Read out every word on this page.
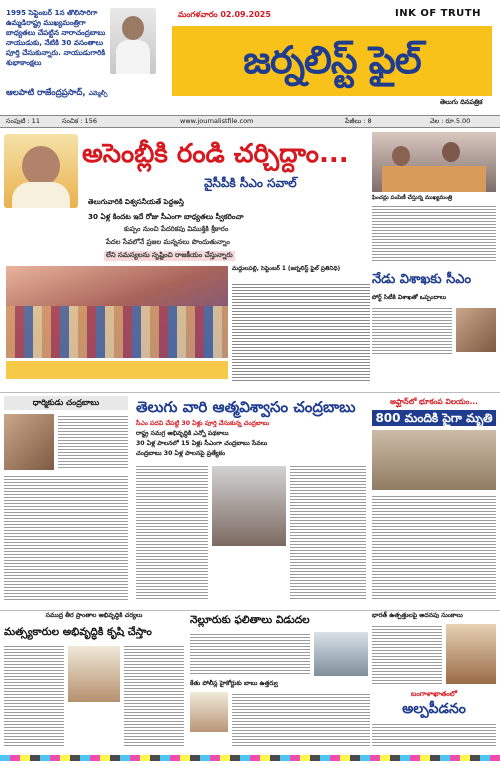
1995 సెప్టెంబర్ 1న తొలిసారిగా ఉమ్మడిరాష్ట్ర ముఖ్యమంత్రిగా బాధ్యతలు చేపట్టిన నారాచంద్రబాబు నాయుడుకు, నేటికి 30 వసంతాలు పూర్తి చేసుకున్నారు. నాయుడుగారికి శుభాకాంక్షలు
ఆలపాటి రాజేంద్రప్రసాద్, ఎమ్మెల్సీ
మంగళవారం 02.09.2025	INK OF TRUTH
జర్నలిస్ట్ ఫైల్
తెలుగు దినపత్రిక
సంపుటి : 11	సంచిక : 156	www.journalistfile.com	పేజీలు : 8	వెల : రూ.5.00
అసెంబ్లీకి రండి చర్చిద్దాం...
వైసీపీకి సీఎం సవాల్
తెలుగువారికి విశ్వసనీయతే పెద్దఅస్తి
30 ఏళ్ల కిందట ఇదే రోజు సీఎంగా బాధ్యతలు స్వీకరించా
కుప్పం నుంచి పేదరికపు విముక్తికి శ్రీకారం
పేదల సేవలోనే ప్రజల మన్ననలు పొందుతున్నాం
లేని సమస్యలను సృష్టించి రాజకీయం చేస్తున్నారు
మద్దులపల్లి, సెప్టెంబర్ 1 (జర్నలిస్ట్ ఫైల్ ప్రతినిధి)
ఫించన్లు పంపిణీ చేస్తున్న ముఖ్యమంత్రి
నేడు విశాఖకు సీఎం
పోర్ట్ సిటీకి విశాఖతో ఒప్పందాలు
ధార్మికుడు చంద్రబాబు	తెలుగు వారి ఆత్మవిశ్వాసం చంద్రబాబు
సీఎం పదవి చేపట్టి 30 ఏళ్లు పూర్తి చేసుకున్న చంద్రబాబు
రాష్ట్ర సమగ్ర అభివృద్ధికి ఎన్నో పథకాలు
30 ఏళ్ల పాలనలో 15 ఏళ్లు సీఎంగా చంద్రబాబు సేవలు
చంద్రబాబు 30 ఏళ్ల పాలనపై ప్రత్యేకం
అఫ్ఘాన్‌లో భూకంప విలయం...
800 మందికి పైగా మృతి
సముద్ర తీర ప్రాంతాల అభివృద్ధికి చర్యలు
మత్స్యకారుల అభివృద్ధికి కృషి చేస్తాం
నెల్లూరుకు ఫలితాలు విడుదల
కేతు పోలీస్ల హైకోర్టుకు బాబు ఉత్తర్వు
భారత్ ఉత్పత్తులపై అదనపు సుంకాలు
బంగాళాఖాతంలో
అల్పపీడనం
